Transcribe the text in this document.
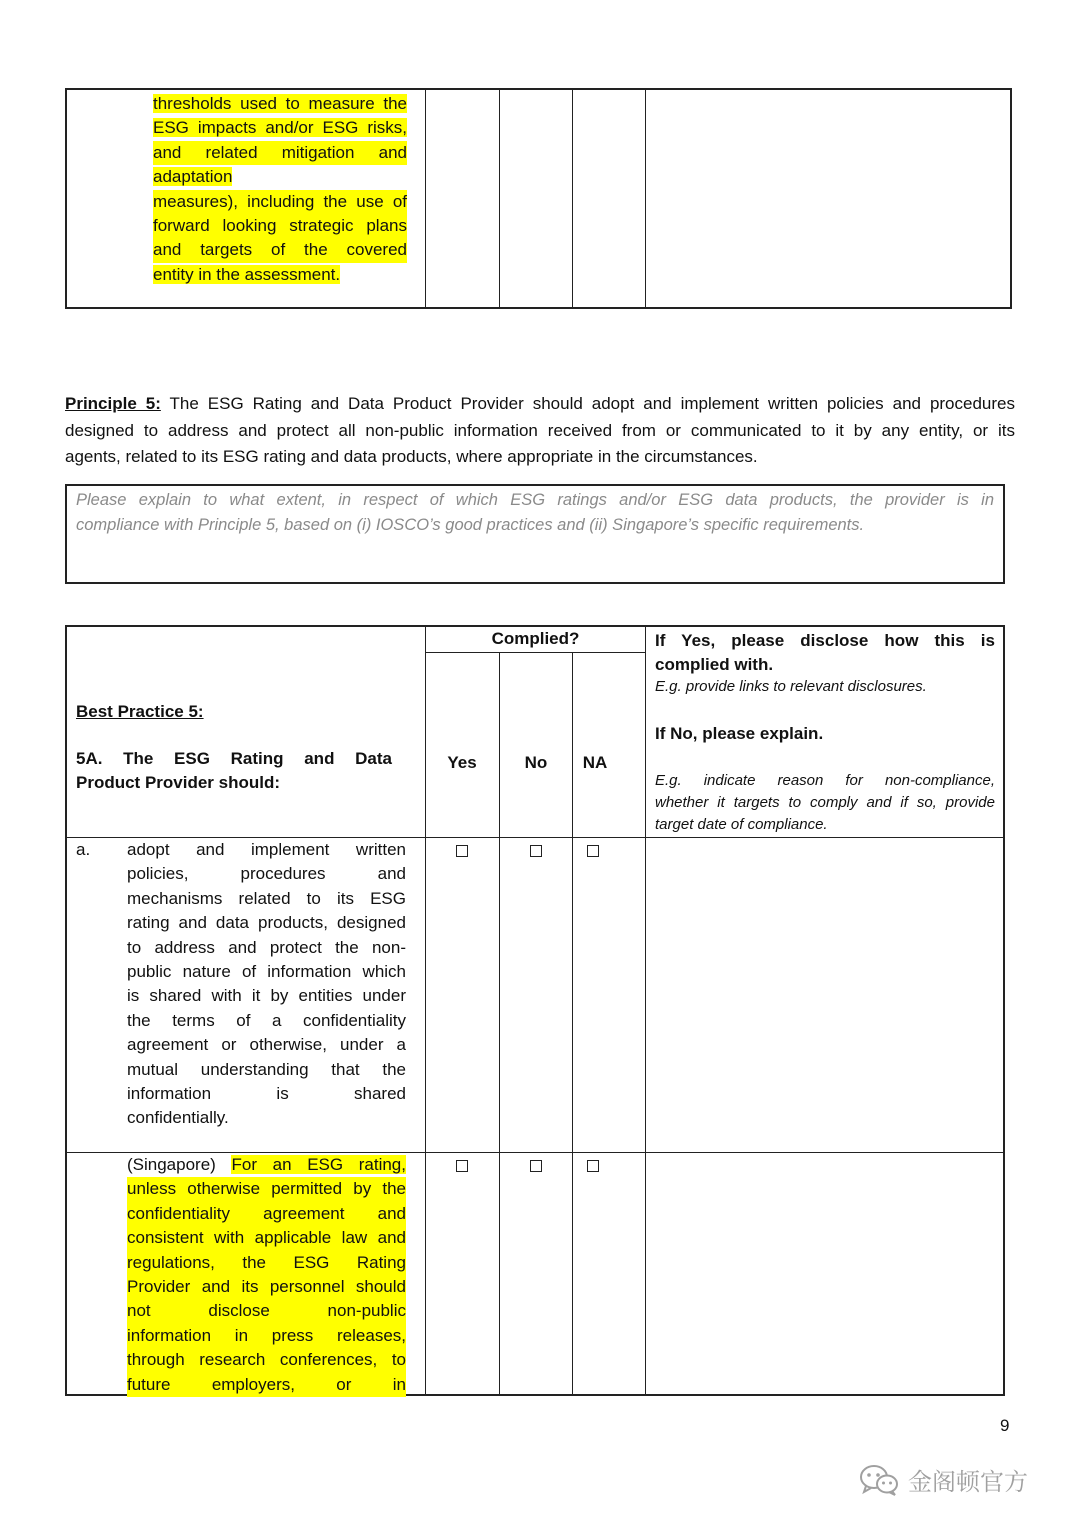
thresholds used to measure the
ESG impacts and/or ESG risks,
and related mitigation and
adaptation
measures), including the use of
forward looking strategic plans
and targets of the covered
entity in the assessment.
Principle 5: The ESG Rating and Data Product Provider should adopt and implement written policies and procedures
designed to address and protect all non-public information received from or communicated to it by any entity, or its
agents, related to its ESG rating and data products, where appropriate in the circumstances.
Please explain to what extent, in respect of which ESG ratings and/or ESG data products, the provider is in
compliance with Principle 5, based on (i) IOSCO’s good practices and (ii) Singapore’s specific requirements.
Best Practice 5:
5A. The ESG Rating and Data
Product Provider should:
Complied?
Yes	No	NA
If Yes, please disclose how this is
complied with.
E.g. provide links to relevant disclosures.
If No, please explain.
E.g. indicate reason for non-compliance,
whether it targets to comply and if so, provide
target date of compliance.
a. adopt and implement written
policies, procedures and
mechanisms related to its ESG
rating and data products, designed
to address and protect the non-
public nature of information which
is shared with it by entities under
the terms of a confidentiality
agreement or otherwise, under a
mutual understanding that the
information is shared
confidentially.
(Singapore) For an ESG rating,
unless otherwise permitted by the
confidentiality agreement and
consistent with applicable law and
regulations, the ESG Rating
Provider and its personnel should
not disclose non-public
information in press releases,
through research conferences, to
future employers, or in
9
金阁顿官方
